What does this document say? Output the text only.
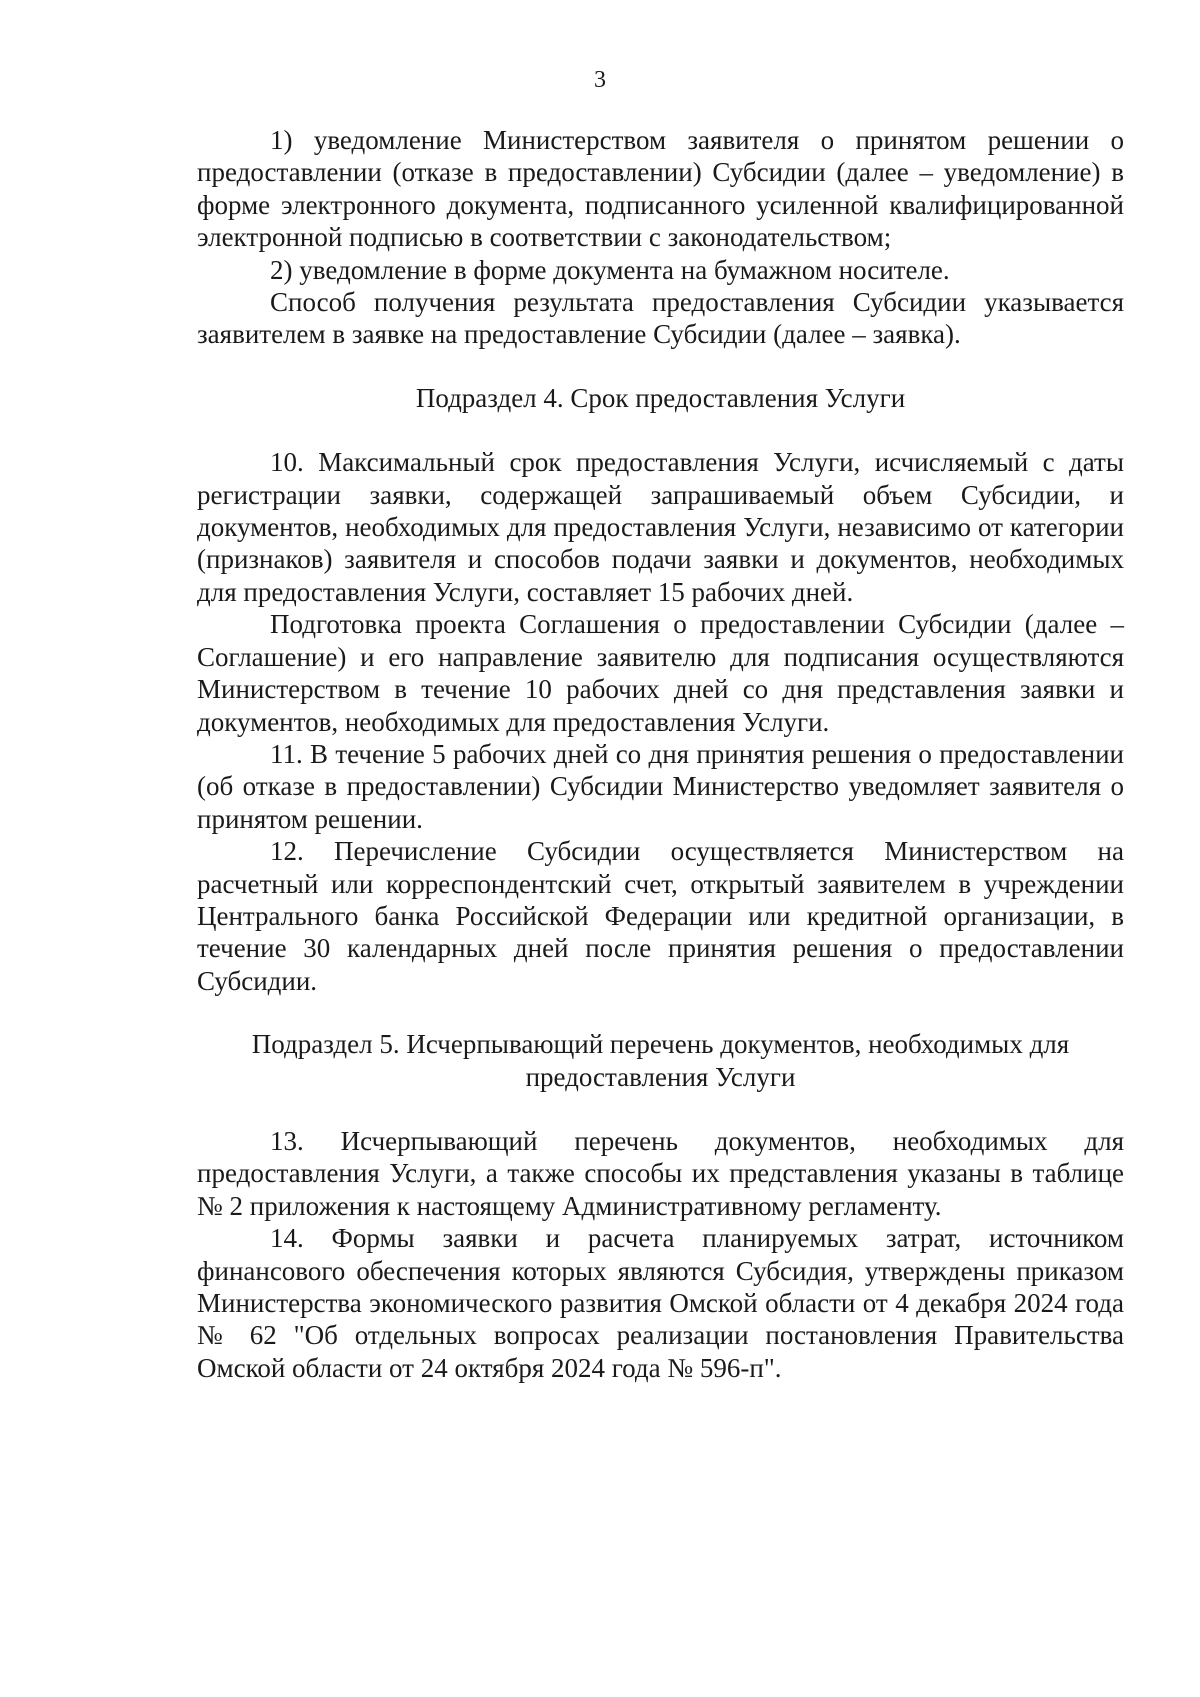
3

1) уведомление Министерством заявителя о принятом решении о предоставлении (отказе в предоставлении) Субсидии (далее – уведомление) в форме электронного документа, подписанного усиленной квалифицированной электронной подписью в соответствии с законодательством;

2) уведомление в форме документа на бумажном носителе.

Способ получения результата предоставления Субсидии указывается заявителем в заявке на предоставление Субсидии (далее – заявка).

Подраздел 4. Срок предоставления Услуги

10. Максимальный срок предоставления Услуги, исчисляемый с даты регистрации заявки, содержащей запрашиваемый объем Субсидии, и документов, необходимых для предоставления Услуги, независимо от категории (признаков) заявителя и способов подачи заявки и документов, необходимых для предоставления Услуги, составляет 15 рабочих дней.

Подготовка проекта Соглашения о предоставлении Субсидии (далее – Соглашение) и его направление заявителю для подписания осуществляются Министерством в течение 10 рабочих дней со дня представления заявки и документов, необходимых для предоставления Услуги.

11. В течение 5 рабочих дней со дня принятия решения о предоставлении (об отказе в предоставлении) Субсидии Министерство уведомляет заявителя о принятом решении.

12. Перечисление Субсидии осуществляется Министерством на расчетный или корреспондентский счет, открытый заявителем в учреждении Центрального банка Российской Федерации или кредитной организации, в течение 30 календарных дней после принятия решения о предоставлении Субсидии.

Подраздел 5. Исчерпывающий перечень документов, необходимых для предоставления Услуги

13. Исчерпывающий перечень документов, необходимых для предоставления Услуги, а также способы их представления указаны в таблице № 2 приложения к настоящему Административному регламенту.

14. Формы заявки и расчета планируемых затрат, источником финансового обеспечения которых являются Субсидия, утверждены приказом Министерства экономического развития Омской области от 4 декабря 2024 года № 62 "Об отдельных вопросах реализации постановления Правительства Омской области от 24 октября 2024 года № 596-п".
